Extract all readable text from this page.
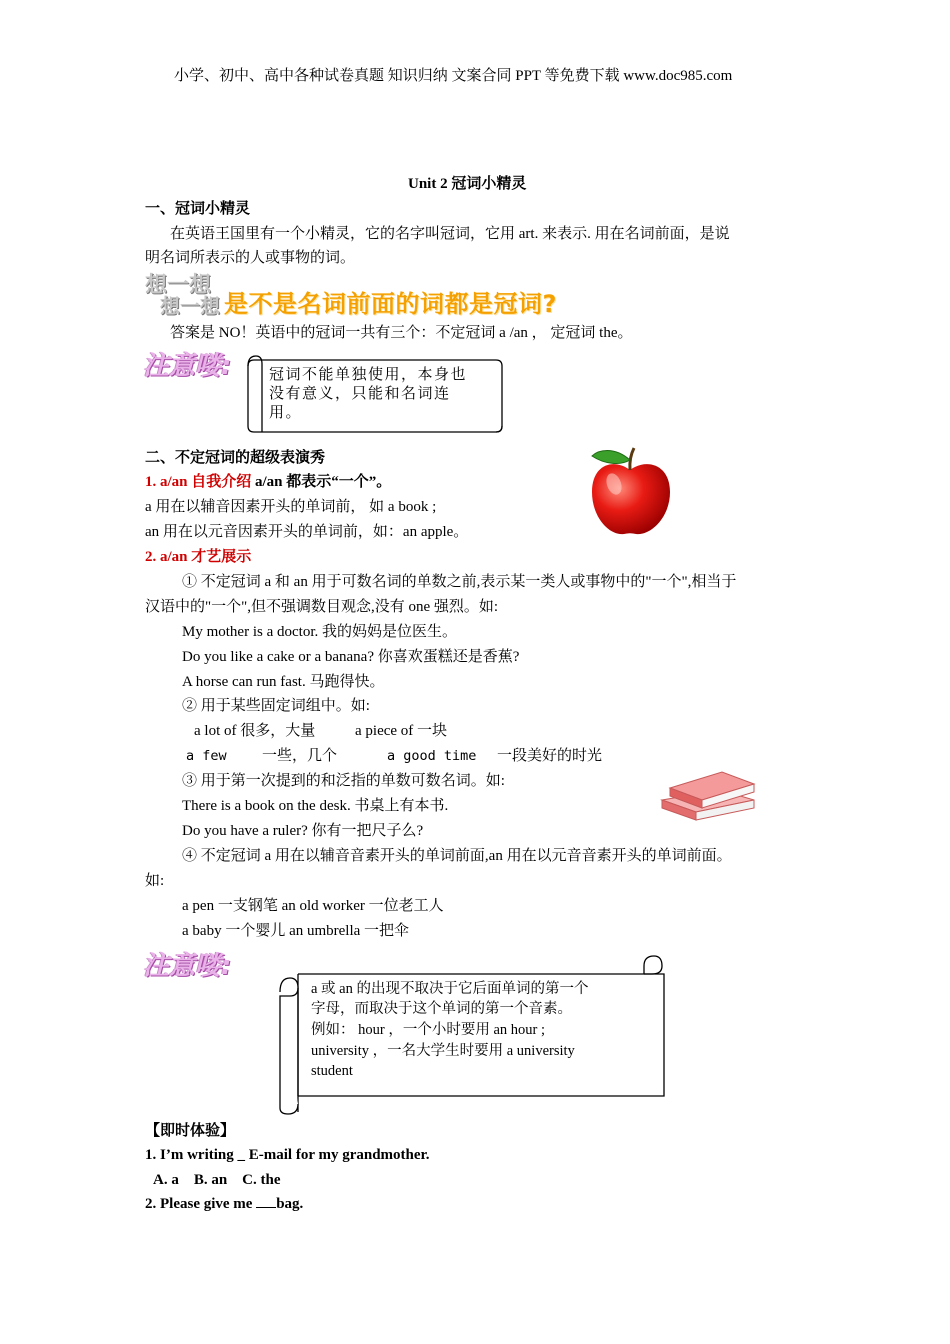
小学、初中、高中各种试卷真题 知识归纳 文案合同 PPT 等免费下载 www.doc985.com
Unit 2 冠词小精灵
一、冠词小精灵
在英语王国里有一个小精灵，它的名字叫冠词，它用 art. 来表示. 用在名词前面，是说
明名词所表示的人或事物的词。
想一想
想一想 是不是名词前面的词都是冠词?
答案是 NO！英语中的冠词一共有三个：不定冠词 a /an ， 定冠词 the。
注意喽:	冠词不能单独使用，本身也没有意义，只能和名词连用。
二、不定冠词的超级表演秀
1. a/an 自我介绍 a/an 都表示“一个”。
a 用在以辅音因素开头的单词前， 如 a book ;
an 用在以元音因素开头的单词前，如：an apple。
2. a/an 才艺展示
① 不定冠词 a 和 an 用于可数名词的单数之前,表示某一类人或事物中的"一个",相当于
汉语中的"一个",但不强调数目观念,没有 one 强烈。如:
My mother is a doctor. 我的妈妈是位医生。
Do you like a cake or a banana? 你喜欢蛋糕还是香蕉?
A horse can run fast. 马跑得快。
② 用于某些固定词组中。如:
a lot of 很多，大量	a piece of 一块
a few 一些，几个	a good time 一段美好的时光
③ 用于第一次提到的和泛指的单数可数名词。如:
There is a book on the desk. 书桌上有本书.
Do you have a ruler? 你有一把尺子么?
④ 不定冠词 a 用在以辅音音素开头的单词前面,an 用在以元音音素开头的单词前面。
如:
a pen 一支钢笔 an old worker 一位老工人
a baby 一个婴儿 an umbrella 一把伞
注意喽:
a 或 an 的出现不取决于它后面单词的第一个
字母，而取决于这个单词的第一个音素。
例如： hour ，一个小时要用 an hour ;
university ，一名大学生时要用 a university
student
【即时体验】
1. I’m writing _ E-mail for my grandmother.
A. a    B. an    C. the
2. Please give me bag.
